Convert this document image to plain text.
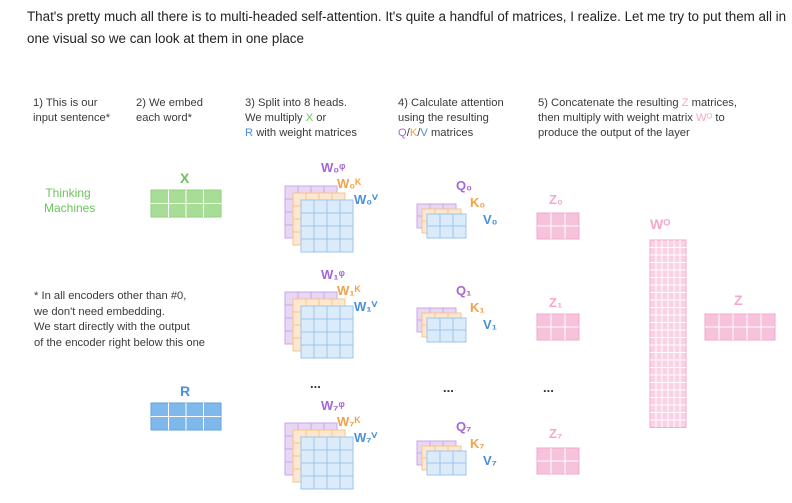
That's pretty much all there is to multi-headed self-attention. It's quite a handful of matrices, I realize. Let me try to put them all in one visual so we can look at them in one place
1) This is our
input sentence*
2) We embed
each word*
3) Split into 8 heads.
We multiply X or
R with weight matrices
4) Calculate attention
using the resulting
Q/K/V matrices
5) Concatenate the resulting Z matrices,
then multiply with weight matrix Wᴼ to
produce the output of the layer
Thinking
Machines
X
R
* In all encoders other than #0,
we don't need embedding.
We start directly with the output
of the encoder right below this one
W₀ᵠ
W₀ᴷ
W₀ⱽ
Q₀
K₀
V₀
Z₀
W₁ᵠ
W₁ᴷ
W₁ⱽ
Q₁
K₁
V₁
Z₁
W₇ᵠ
W₇ᴷ
W₇ⱽ
Q₇
K₇
V₇
Z₇
...	...	...
Wᴼ
Z
